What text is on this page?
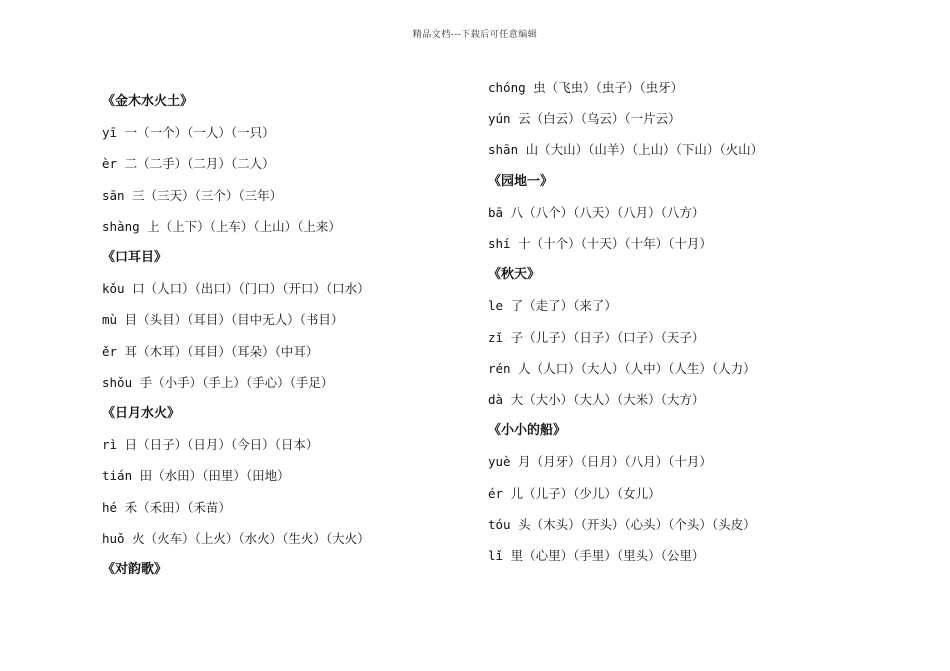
精品文档---下载后可任意编辑
《金木水火土》
yī 一（一个）（一人）（一只）
èr 二（二手）（二月）（二人）
sān 三（三天）（三个）（三年）
shàng 上（上下）（上车）（上山）（上来）
《口耳目》
kǒu 口（人口）（出口）（门口）（开口）（口水）
mù 目（头目）（耳目）（目中无人）（书目）
ěr 耳（木耳）（耳目）（耳朵）（中耳）
shǒu 手（小手）（手上）（手心）（手足）
《日月水火》
rì 日（日子）（日月）（今日）（日本）
tián 田（水田）（田里）（田地）
hé 禾（禾田）（禾苗）
huǒ 火（火车）（上火）（水火）（生火）（大火）
《对韵歌》
chóng 虫（飞虫）（虫子）（虫牙）
yún 云（白云）（乌云）（一片云）
shān 山（大山）（山羊）（上山）（下山）（火山）
《园地一》
bā 八（八个）（八天）（八月）（八方）
shí 十（十个）（十天）（十年）（十月）
《秋天》
le 了（走了）（来了）
zǐ 子（儿子）（日子）（口子）（天子）
rén 人（人口）（大人）（人中）（人生）（人力）
dà 大（大小）（大人）（大米）（大方）
《小小的船》
yuè 月（月牙）（日月）（八月）（十月）
ér 儿（儿子）（少儿）（女儿）
tóu 头（木头）（开头）（心头）（个头）（头皮）
lǐ 里（心里）（手里）（里头）（公里）
